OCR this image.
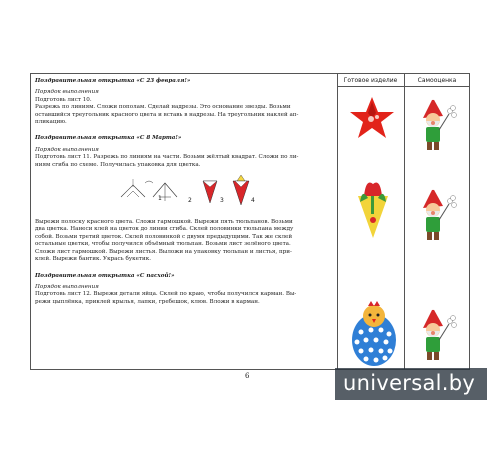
Готовое изделие	Самооценка

Поздравительная открытка «С 23 февраля!»

Порядок выполнения

Подготовь лист 10.

Разрежь по линиям. Сложи пополам. Сделай надрезы. Это основание звезды. Возьми

оставшийся треугольник красного цвета и вставь в надрезы. На треугольник наклей ап-

пликацию.

Поздравительная открытка «С 8 Марта!»

Порядок выполнения

Подготовь лист 11. Разрежь по линиям на части. Возьми жёлтый квадрат. Сложи по ли-

ниям сгиба по схеме. Получилась упаковка для цветка.

1	2	3	4

Вырежи полоску красного цвета. Сложи гармошкой. Вырежи пять тюльпанов. Возьми

два цветка. Нанеси клей на цветок до линии сгиба. Склей половинки тюльпана между

собой. Возьми третий цветок. Склей половинкой с двумя предыдущими. Так же склей

остальные цветки, чтобы получился объёмный тюльпан. Возьми лист зелёного цвета.

Сложи лист гармошкой. Вырежи листья. Выложи на упаковку тюльпан и листья, при-

клей. Вырежи бантик. Укрась букетик.

Поздравительная открытка «С пасхой!»

Порядок выполнения

Подготовь лист 12. Вырежи детали яйца. Склей по краю, чтобы получился карман. Вы-

режи цыплёнка, приклей крылья, лапки, гребешок, клюв. Вложи в карман.

6	universal.by
